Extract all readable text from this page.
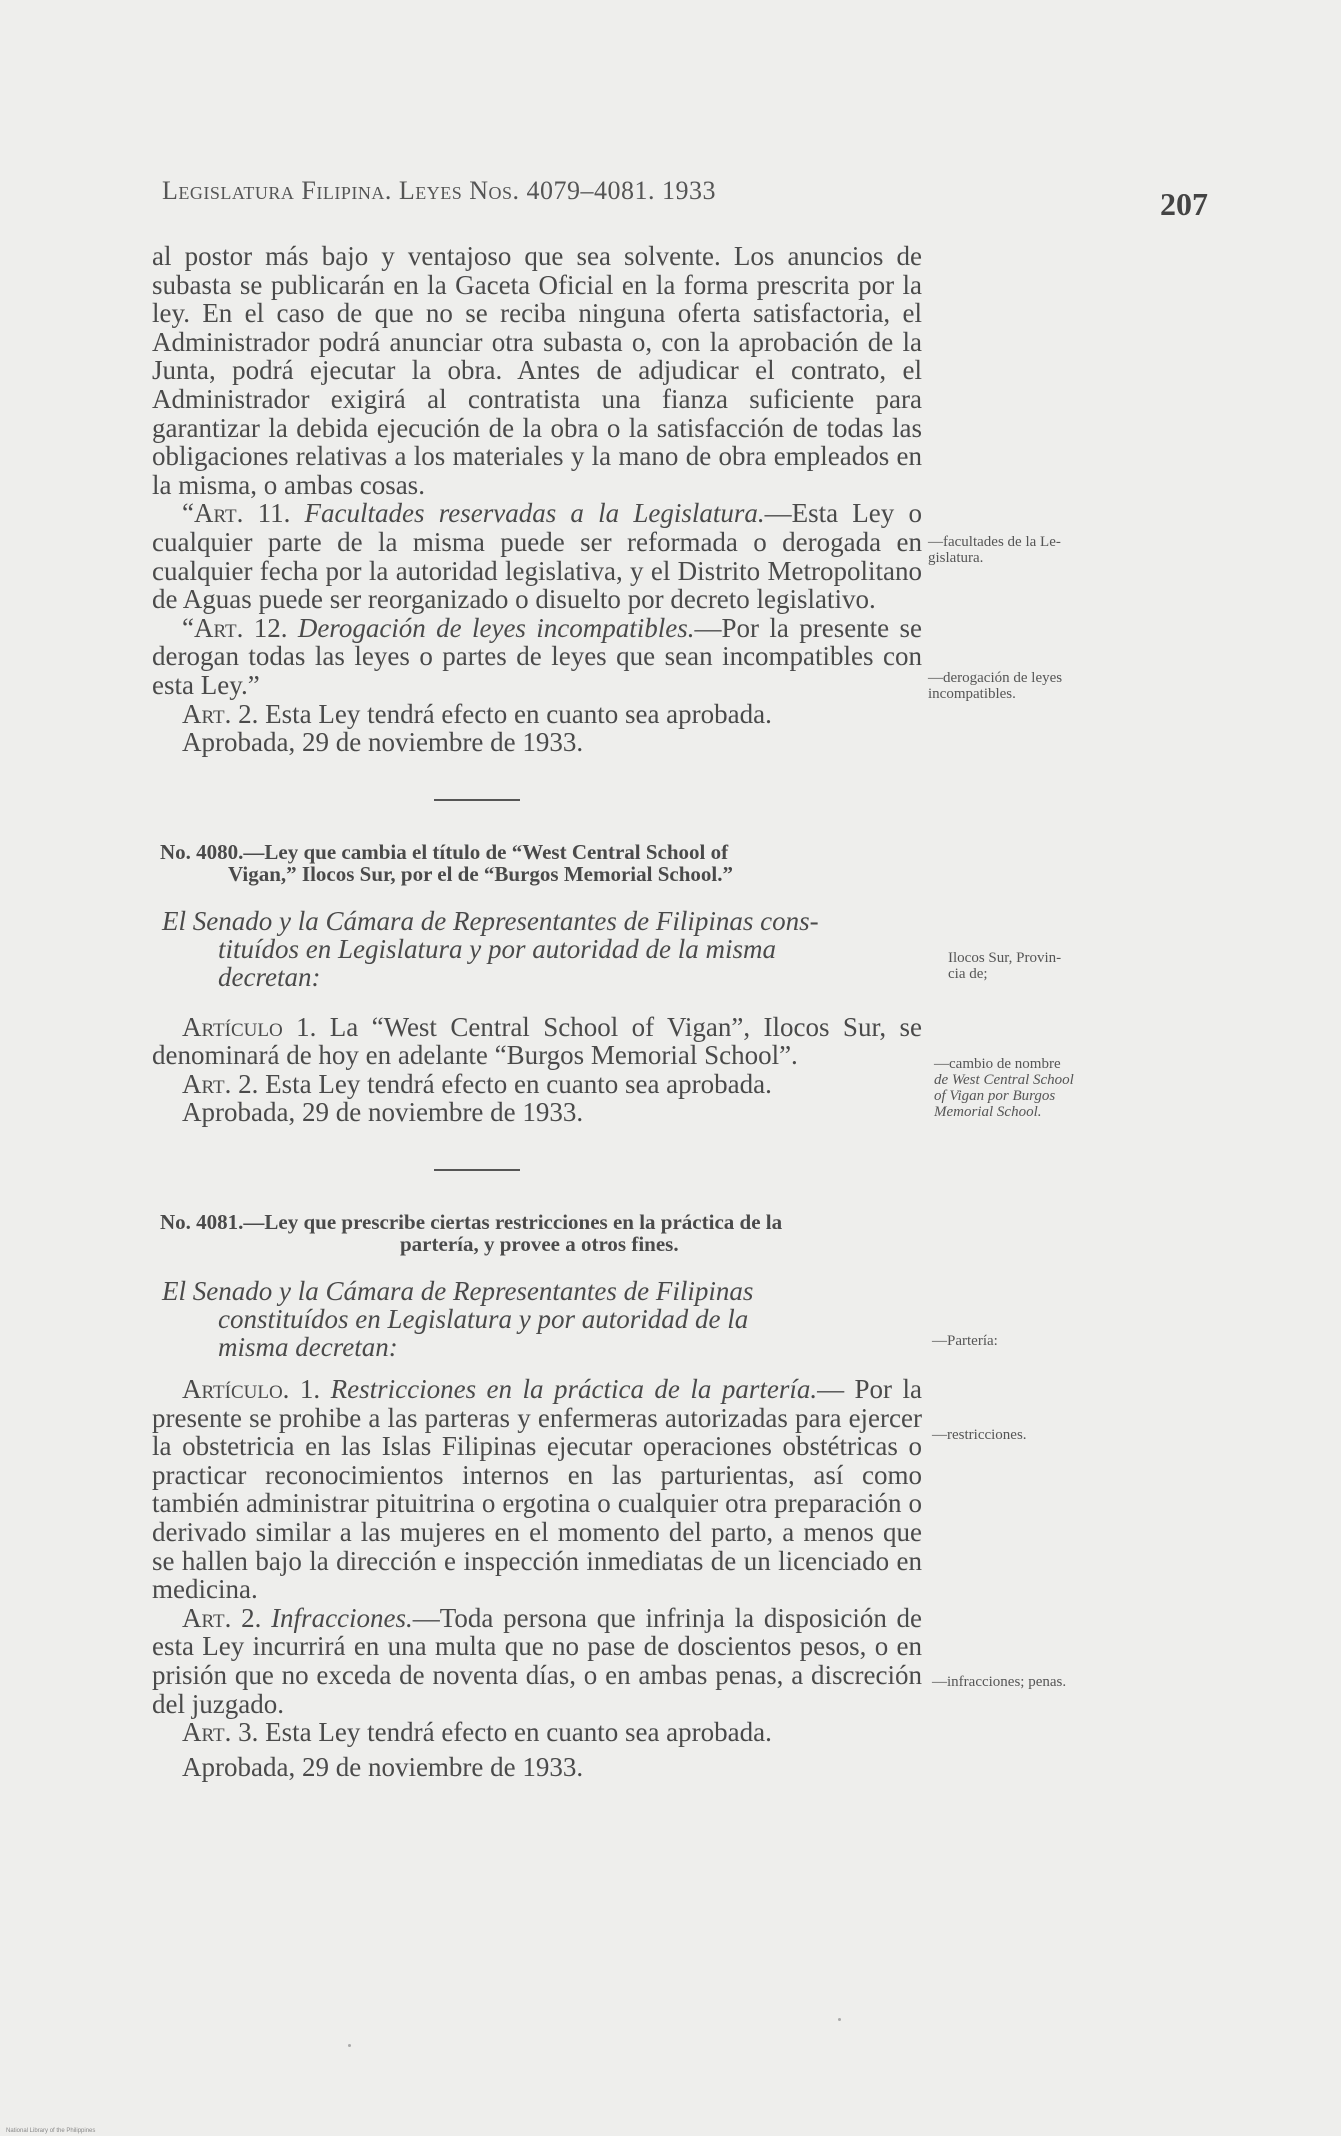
Legislatura Filipina. Leyes Nos. 4079–4081. 1933	207

al postor más bajo y ventajoso que sea solvente. Los anuncios de subasta se publicarán en la Gaceta Oficial en la forma prescrita por la ley. En el caso de que no se reciba ninguna oferta satisfactoria, el Administrador podrá anunciar otra subasta o, con la aprobación de la Junta, podrá ejecutar la obra. Antes de adjudicar el contrato, el Administrador exigirá al contratista una fianza suficiente para garantizar la debida ejecución de la obra o la satisfacción de todas las obligaciones relativas a los materiales y la mano de obra empleados en la misma, o ambas cosas.

“Art. 11. Facultades reservadas a la Legislatura.—Esta Ley o cualquier parte de la misma puede ser reformada o derogada en cualquier fecha por la autoridad legislativa, y el Distrito Metropolitano de Aguas puede ser reorganizado o disuelto por decreto legislativo.

“Art. 12. Derogación de leyes incompatibles.—Por la presente se derogan todas las leyes o partes de leyes que sean incompatibles con esta Ley.”

Art. 2. Esta Ley tendrá efecto en cuanto sea aprobada.

Aprobada, 29 de noviembre de 1933.

No. 4080.—Ley que cambia el título de “West Central School of
Vigan,” Ilocos Sur, por el de “Burgos Memorial School.”
El Senado y la Cámara de Representantes de Filipinas cons-
tituídos en Legislatura y por autoridad de la misma
decretan:

Artículo 1. La “West Central School of Vigan”, Ilocos Sur, se denominará de hoy en adelante “Burgos Memorial School”.

Art. 2. Esta Ley tendrá efecto en cuanto sea aprobada.

Aprobada, 29 de noviembre de 1933.

No. 4081.—Ley que prescribe ciertas restricciones en la práctica de la
partería, y provee a otros fines.
El Senado y la Cámara de Representantes de Filipinas
constituídos en Legislatura y por autoridad de la
misma decretan:

Artículo. 1. Restricciones en la práctica de la partería.— Por la presente se prohibe a las parteras y enfermeras autorizadas para ejercer la obstetricia en las Islas Filipinas ejecutar operaciones obstétricas o practicar reconocimientos internos en las parturientas, así como también administrar pituitrina o ergotina o cualquier otra preparación o derivado similar a las mujeres en el momento del parto, a menos que se hallen bajo la dirección e inspección inmediatas de un licenciado en medicina.

Art. 2. Infracciones.—Toda persona que infrinja la disposición de esta Ley incurrirá en una multa que no pase de doscientos pesos, o en prisión que no exceda de noventa días, o en ambas penas, a discreción del juzgado.

Art. 3. Esta Ley tendrá efecto en cuanto sea aprobada.

Aprobada, 29 de noviembre de 1933.

—facultades de la Le-
gislatura.
—derogación de leyes
incompatibles.
Ilocos Sur, Provin-
cia de;
—cambio de nombre
de West Central School
of Vigan por Burgos
Memorial School.
—Partería:
—restricciones.
—infracciones; penas.
National Library of the Philippines
